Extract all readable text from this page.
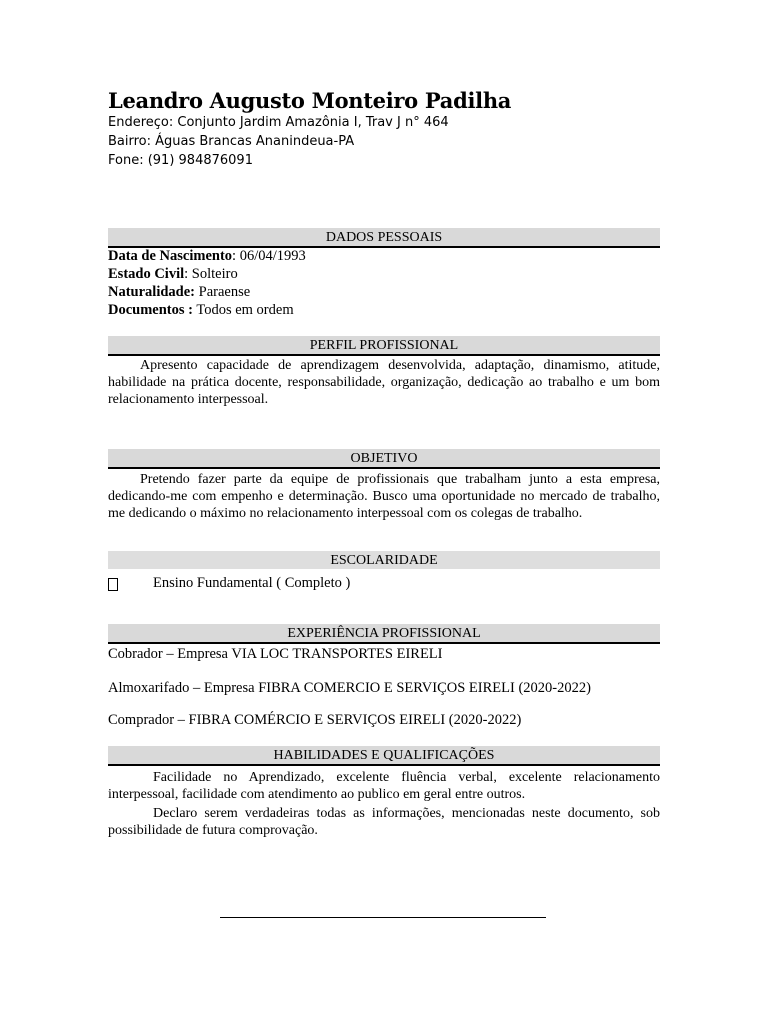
Leandro Augusto Monteiro Padilha
Endereço: Conjunto Jardim Amazônia I, Trav J n° 464
Bairro: Águas Brancas Ananindeua-PA
Fone: (91) 984876091
DADOS PESSOAIS
Data de Nascimento: 06/04/1993
Estado Civil: Solteiro
Naturalidade: Paraense
Documentos : Todos em ordem
PERFIL PROFISSIONAL
Apresento capacidade de aprendizagem desenvolvida, adaptação, dinamismo, atitude, habilidade na prática docente, responsabilidade, organização, dedicação ao trabalho e um bom relacionamento interpessoal.
OBJETIVO
Pretendo fazer parte da equipe de profissionais que trabalham junto a esta empresa, dedicando-me com empenho e determinação. Busco uma oportunidade no mercado de trabalho, me dedicando o máximo no relacionamento interpessoal com os colegas de trabalho.
ESCOLARIDADE
Ensino Fundamental ( Completo )
EXPERIÊNCIA PROFISSIONAL
Cobrador – Empresa VIA LOC TRANSPORTES EIRELI
Almoxarifado – Empresa FIBRA COMERCIO E SERVIÇOS EIRELI (2020-2022)
Comprador – FIBRA COMÉRCIO E SERVIÇOS EIRELI (2020-2022)
HABILIDADES E QUALIFICAÇÕES
Facilidade no Aprendizado, excelente fluência verbal, excelente relacionamento interpessoal, facilidade com atendimento ao publico em geral entre outros.
Declaro serem verdadeiras todas as informações, mencionadas neste documento, sob possibilidade de futura comprovação.
